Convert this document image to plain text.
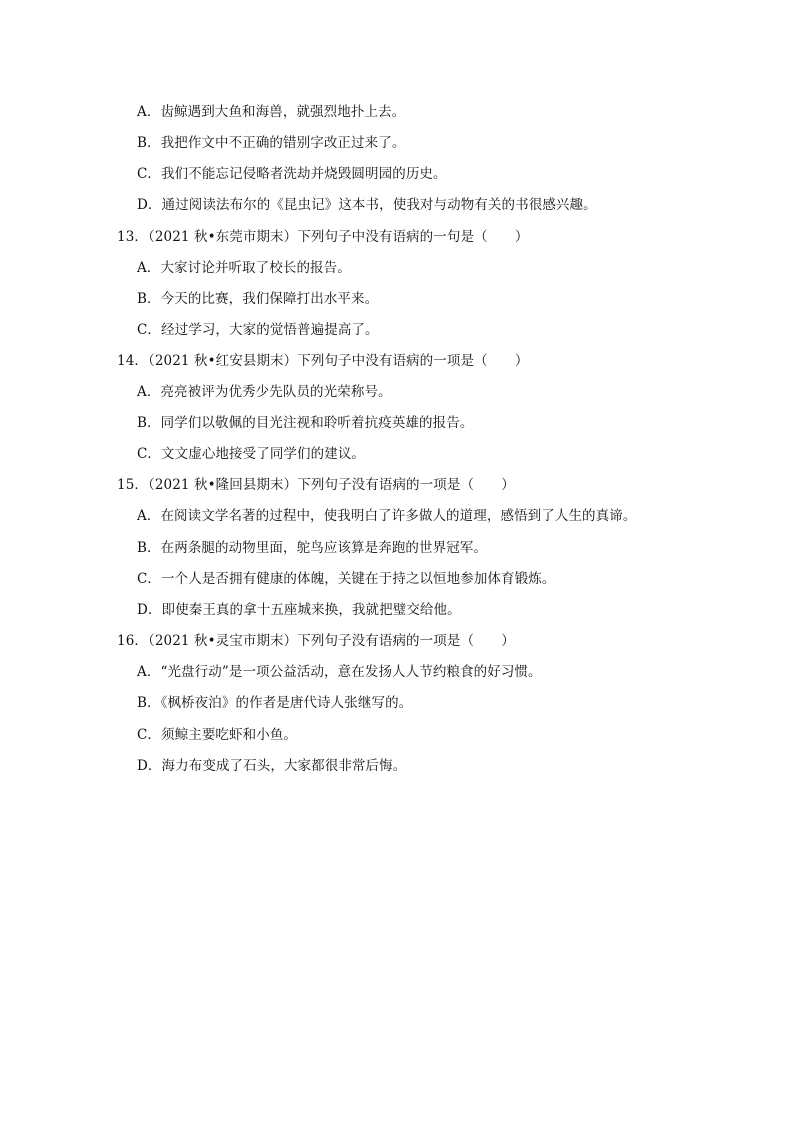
A．齿鲸遇到大鱼和海兽，就强烈地扑上去。
B．我把作文中不正确的错别字改正过来了。
C．我们不能忘记侵略者洗劫并烧毁圆明园的历史。
D．通过阅读法布尔的《昆虫记》这本书，使我对与动物有关的书很感兴趣。
13．（2021 秋•东莞市期末）下列句子中没有语病的一句是（　　）
A．大家讨论并听取了校长的报告。
B．今天的比赛，我们保障打出水平来。
C．经过学习，大家的觉悟普遍提高了。
14．（2021 秋•红安县期末）下列句子中没有语病的一项是（　　）
A．亮亮被评为优秀少先队员的光荣称号。
B．同学们以敬佩的目光注视和聆听着抗疫英雄的报告。
C．文文虚心地接受了同学们的建议。
15．（2021 秋•隆回县期末）下列句子没有语病的一项是（　　）
A．在阅读文学名著的过程中，使我明白了许多做人的道理，感悟到了人生的真谛。
B．在两条腿的动物里面，鸵鸟应该算是奔跑的世界冠军。
C．一个人是否拥有健康的体魄，关键在于持之以恒地参加体育锻炼。
D．即使秦王真的拿十五座城来换，我就把璧交给他。
16．（2021 秋•灵宝市期末）下列句子没有语病的一项是（　　）
A．“光盘行动”是一项公益活动，意在发扬人人节约粮食的好习惯。
B．《枫桥夜泊》的作者是唐代诗人张继写的。
C．须鲸主要吃虾和小鱼。
D．海力布变成了石头，大家都很非常后悔。
